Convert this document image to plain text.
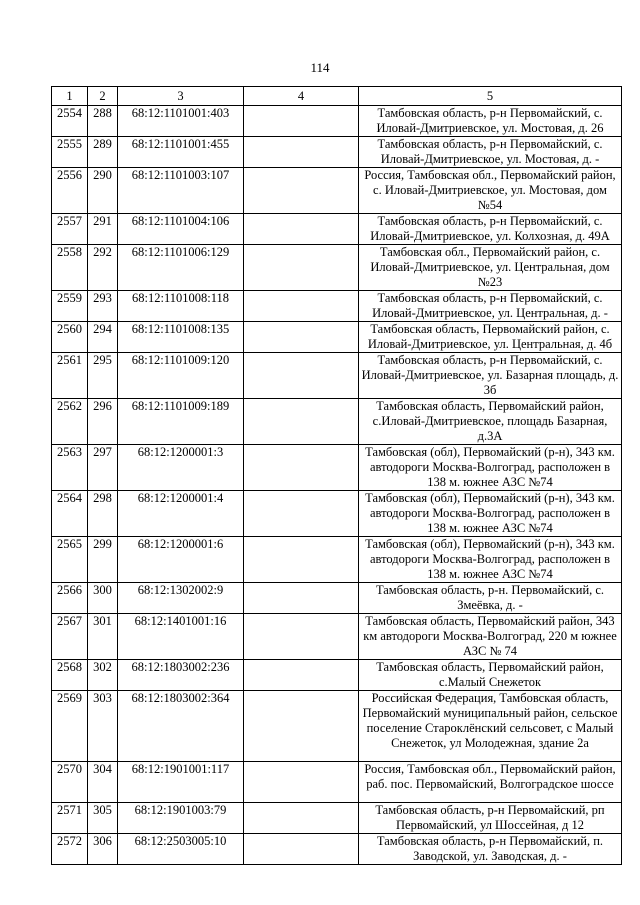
114
1	2	3	4	5
2554	288	68:12:1101001:403		Тамбовская область, р-н Первомайский, с. Иловай-Дмитриевское, ул. Мостовая, д. 26
2555	289	68:12:1101001:455		Тамбовская область, р-н Первомайский, с. Иловай-Дмитриевское, ул. Мостовая, д. -
2556	290	68:12:1101003:107		Россия, Тамбовская обл., Первомайский район, с. Иловай-Дмитриевское, ул. Мостовая, дом №54
2557	291	68:12:1101004:106		Тамбовская область, р-н Первомайский, с. Иловай-Дмитриевское, ул. Колхозная, д. 49А
2558	292	68:12:1101006:129		Тамбовская обл., Первомайский район, с. Иловай-Дмитриевское, ул. Центральная, дом №23
2559	293	68:12:1101008:118		Тамбовская область, р-н Первомайский, с. Иловай-Дмитриевское, ул. Центральная, д. -
2560	294	68:12:1101008:135		Тамбовская область, Первомайский район, с. Иловай-Дмитриевское, ул. Центральная, д. 4б
2561	295	68:12:1101009:120		Тамбовская область, р-н Первомайский, с. Иловай-Дмитриевское, ул. Базарная площадь, д. 3б
2562	296	68:12:1101009:189		Тамбовская область, Первомайский район, с.Иловай-Дмитриевское, площадь Базарная, д.3А
2563	297	68:12:1200001:3		Тамбовская (обл), Первомайский (р-н), 343 км. автодороги Москва-Волгоград, расположен в 138 м. южнее АЗС №74
2564	298	68:12:1200001:4		Тамбовская (обл), Первомайский (р-н), 343 км. автодороги Москва-Волгоград, расположен в 138 м. южнее АЗС №74
2565	299	68:12:1200001:6		Тамбовская (обл), Первомайский (р-н), 343 км. автодороги Москва-Волгоград, расположен в 138 м. южнее АЗС №74
2566	300	68:12:1302002:9		Тамбовская область, р-н. Первомайский, с. Змеёвка, д. -
2567	301	68:12:1401001:16		Тамбовская область, Первомайский район, 343 км автодороги Москва-Волгоград, 220 м южнее АЗС № 74
2568	302	68:12:1803002:236		Тамбовская область, Первомайский район, с.Малый Снежеток
2569	303	68:12:1803002:364		Российская Федерация, Тамбовская область, Первомайский муниципальный район, сельское поселение Староклёнский сельсовет, с Малый Снежеток, ул Молодежная, здание 2а
2570	304	68:12:1901001:117		Россия, Тамбовская обл., Первомайский район, раб. пос. Первомайский, Волгоградское шоссе
2571	305	68:12:1901003:79		Тамбовская область, р-н Первомайский, рп Первомайский, ул Шоссейная, д 12
2572	306	68:12:2503005:10		Тамбовская область, р-н Первомайский, п. Заводской, ул. Заводская, д. -
